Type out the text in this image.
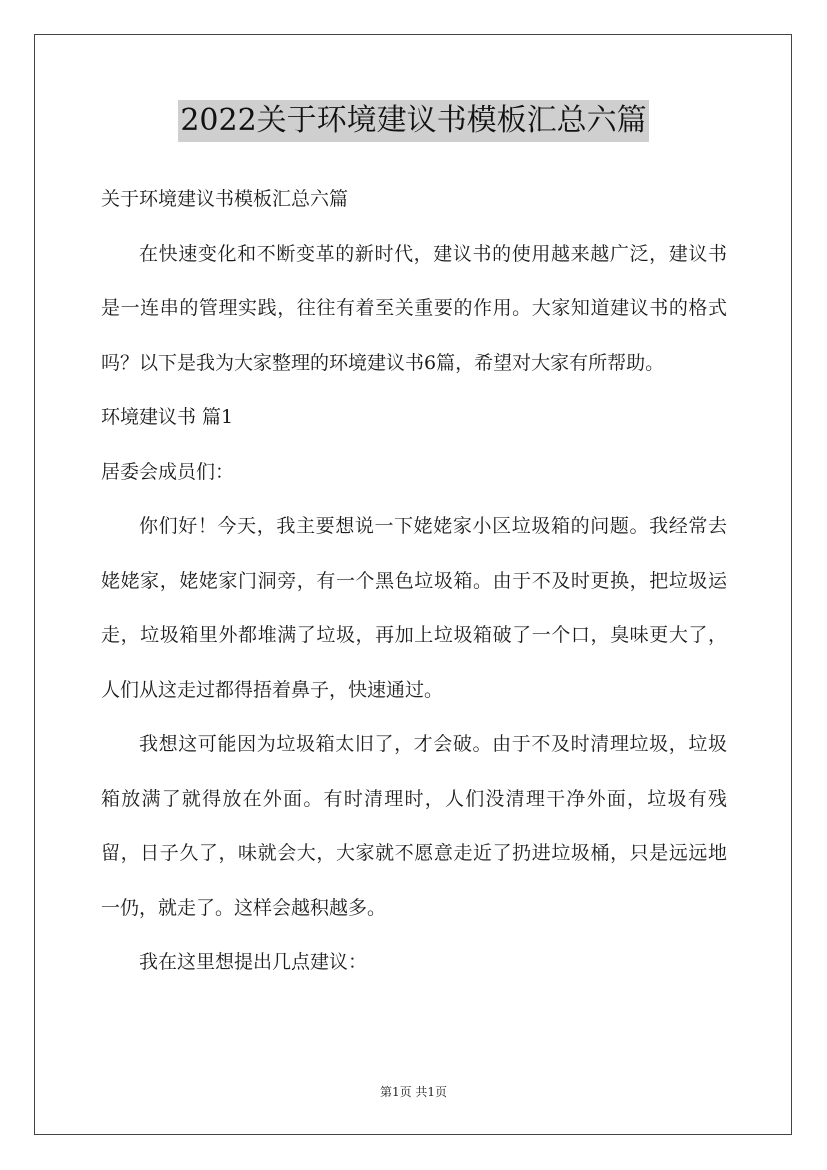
2022关于环境建议书模板汇总六篇

关于环境建议书模板汇总六篇

在快速变化和不断变革的新时代，建议书的使用越来越广泛，建议书是一连串的管理实践，往往有着至关重要的作用。大家知道建议书的格式吗？以下是我为大家整理的环境建议书6篇，希望对大家有所帮助。

环境建议书 篇1

居委会成员们：

你们好！今天，我主要想说一下姥姥家小区垃圾箱的问题。我经常去姥姥家，姥姥家门洞旁，有一个黑色垃圾箱。由于不及时更换，把垃圾运走，垃圾箱里外都堆满了垃圾，再加上垃圾箱破了一个口，臭味更大了，人们从这走过都得捂着鼻子，快速通过。

我想这可能因为垃圾箱太旧了，才会破。由于不及时清理垃圾，垃圾箱放满了就得放在外面。有时清理时，人们没清理干净外面，垃圾有残留，日子久了，味就会大，大家就不愿意走近了扔进垃圾桶，只是远远地一仍，就走了。这样会越积越多。

我在这里想提出几点建议：

第1页 共1页
